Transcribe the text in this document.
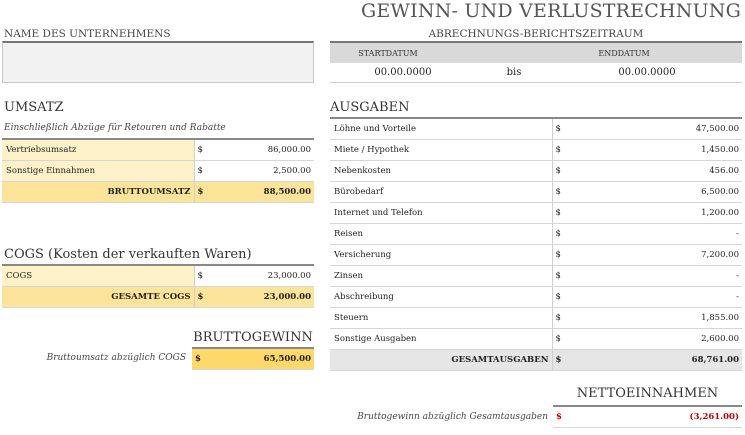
GEWINN- UND VERLUSTRECHNUNG
NAME DES UNTERNEHMENS	ABRECHNUNGS-BERICHTSZEITRAUM
STARTDATUM	ENDDATUM
00.00.0000	bis	00.00.0000
UMSATZ
Einschließlich Abzüge für Retouren und Rabatte
Vertriebsumsatz	$	86,000.00
Sonstige Einnahmen	$	2,500.00
BRUTTOUMSATZ	$	88,500.00
COGS (Kosten der verkauften Waren)
COGS	$	23,000.00
GESAMTE COGS	$	23,000.00
BRUTTOGEWINN
Bruttoumsatz abzüglich COGS $	65,500.00
AUSGABEN
Löhne und Vorteile	$	47,500.00
Miete / Hypothek	$	1,450.00
Nebenkosten	$	456.00
Bürobedarf	$	6,500.00
Internet und Telefon	$	1,200.00
Reisen	$	-
Versicherung	$	7,200.00
Zinsen	$	-
Abschreibung	$	-
Steuern	$	1,855.00
Sonstige Ausgaben	$	2,600.00
GESAMTAUSGABEN	$	68,761.00
NETTOEINNAHMEN
Bruttogewinn abzüglich Gesamtausgaben $	(3,261.00)
